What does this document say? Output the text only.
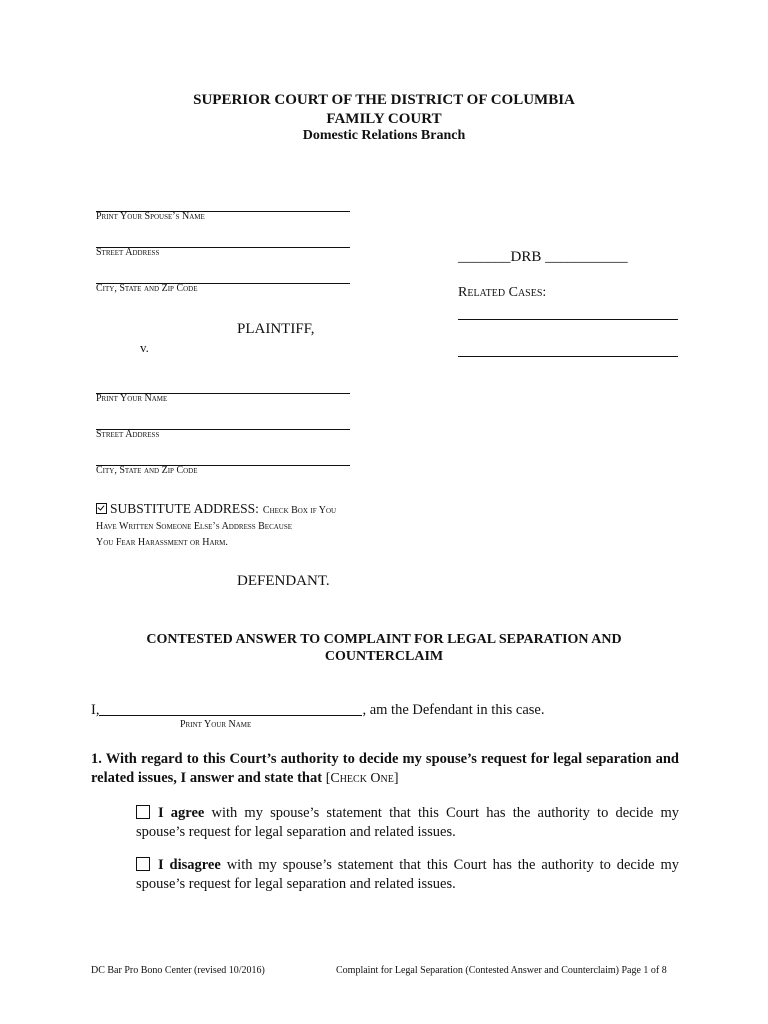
SUPERIOR COURT OF THE DISTRICT OF COLUMBIA
FAMILY COURT
Domestic Relations Branch
Print Your Spouse’s Name
Street Address
City, State and Zip Code
PLAINTIFF,
v.
_______DRB ___________
Related Cases:
Print Your Name
Street Address
City, State and Zip Code
SUBSTITUTE ADDRESS: Check Box if You
Have Written Someone Else’s Address Because
You Fear Harassment or Harm.
DEFENDANT.
CONTESTED ANSWER TO COMPLAINT FOR LEGAL SEPARATION AND
COUNTERCLAIM
I,	, am the Defendant in this case.
Print Your Name
1. With regard to this Court’s authority to decide my spouse’s request for legal separation and related issues, I answer and state that [Check One]
I agree with my spouse’s statement that this Court has the authority to decide my spouse’s request for legal separation and related issues.
I disagree with my spouse’s statement that this Court has the authority to decide my spouse’s request for legal separation and related issues.
DC Bar Pro Bono Center (revised 10/2016)	Complaint for Legal Separation (Contested Answer and Counterclaim) Page 1 of 8
